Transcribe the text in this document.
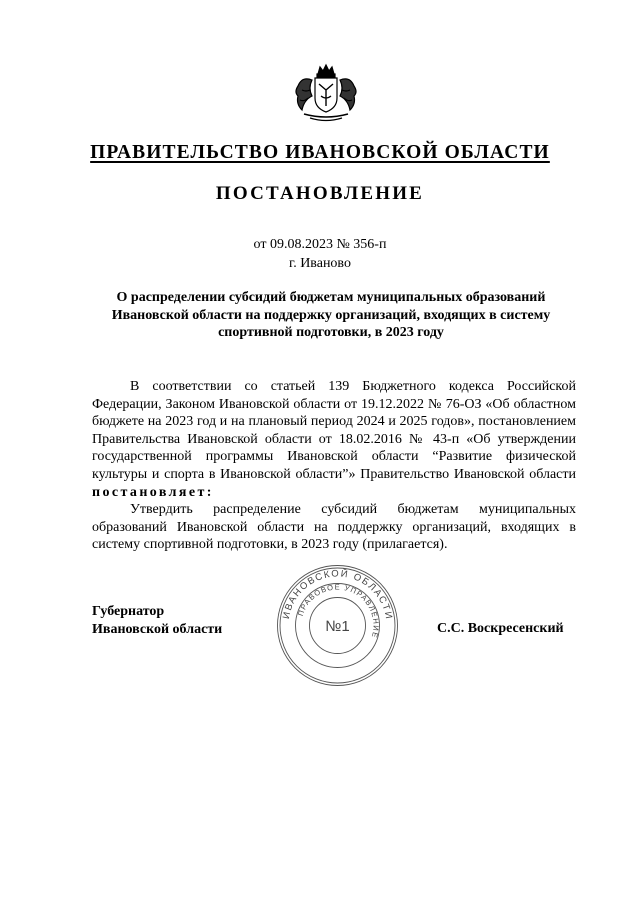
ПРАВИТЕЛЬСТВО ИВАНОВСКОЙ ОБЛАСТИ
ПОСТАНОВЛЕНИЕ
от 09.08.2023 № 356-п
г. Иваново
О распределении субсидий бюджетам муниципальных образований Ивановской области на поддержку организаций, входящих в систему спортивной подготовки, в 2023 году

В соответствии со статьей 139 Бюджетного кодекса Российской Федерации, Законом Ивановской области от 19.12.2022 № 76-ОЗ «Об областном бюджете на 2023 год и на плановый период 2024 и 2025 годов», постановлением Правительства Ивановской области от 18.02.2016 № 43-п «Об утверждении государственной программы Ивановской области “Развитие физической культуры и спорта в Ивановской области”» Правительство Ивановской области постановляет:

Утвердить распределение субсидий бюджетам муниципальных образований Ивановской области на поддержку организаций, входящих в систему спортивной подготовки, в 2023 году (прилагается).

Губернатор
Ивановской области	С.С. Воскресенский
ИВАНОВСКОЙ ОБЛАСТИ
ПРАВОВОЕ УПРАВЛЕНИЕ
№1
